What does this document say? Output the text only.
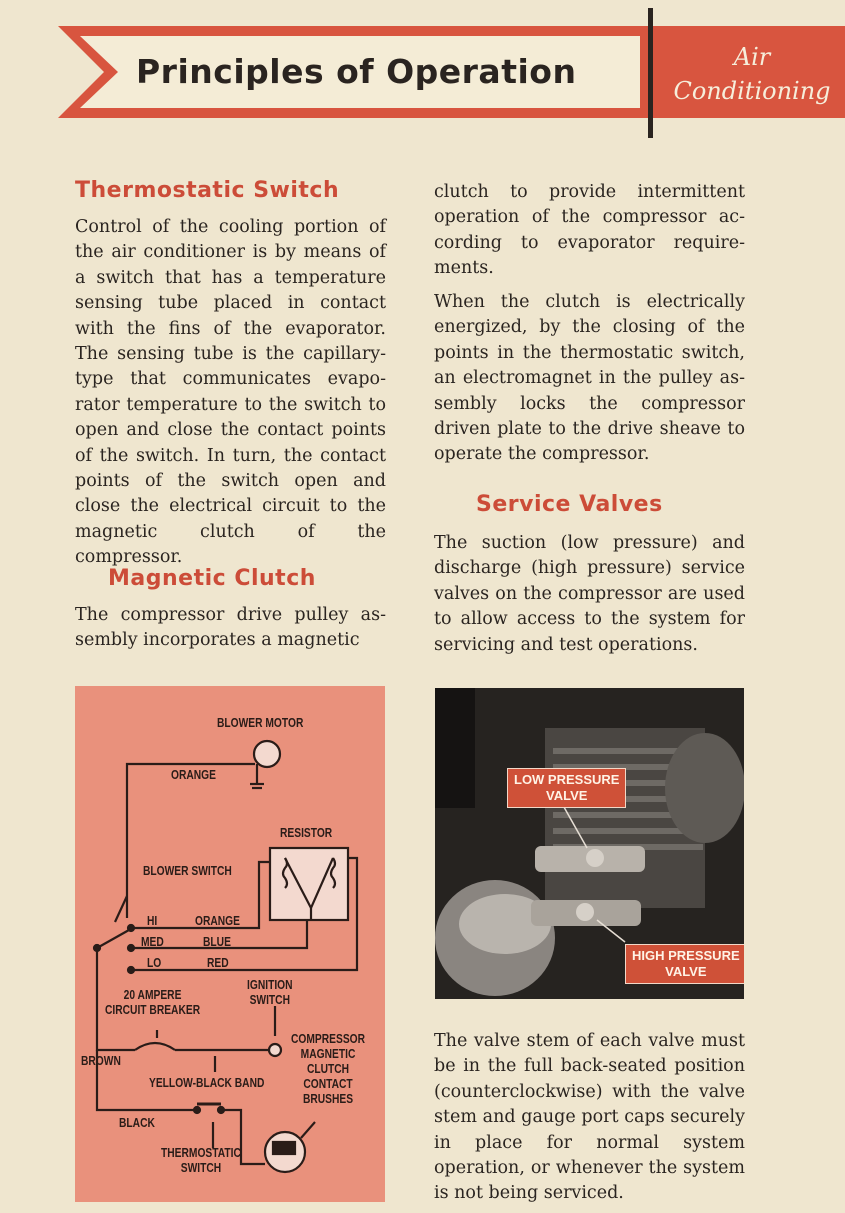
Principles of Operation	Air
Conditioning
Thermostatic Switch

Control of the cooling portion of the air conditioner is by means of a switch that has a temperature sensing tube placed in contact with the fins of the evaporator. The sensing tube is the capillary-type that communicates evapo-rator temperature to the switch to open and close the contact points of the switch. In turn, the contact points of the switch open and close the electrical circuit to the magnetic clutch of the compressor.

Magnetic Clutch

The compressor drive pulley as-sembly incorporates a magnetic

clutch to provide intermittent operation of the compressor ac-cording to evaporator require-ments.

When the clutch is electrically energized, by the closing of the points in the thermostatic switch, an electromagnet in the pulley as-sembly locks the compressor driven plate to the drive sheave to operate the compressor.

Service Valves

The suction (low pressure) and discharge (high pressure) service valves on the compressor are used to allow access to the system for servicing and test operations.

BLOWER MOTOR
ORANGE
RESISTOR
BLOWER SWITCH
HI
MED
LO
ORANGE
BLUE
RED
IGNITION
SWITCH
20 AMPERE
CIRCUIT BREAKER
COMPRESSOR
MAGNETIC
CLUTCH
CONTACT
BRUSHES
BROWN
YELLOW-BLACK BAND
BLACK
THERMOSTATIC
SWITCH
LOW PRESSURE
VALVE
HIGH PRESSURE
VALVE

The valve stem of each valve must be in the full back-seated position (counterclockwise) with the valve stem and gauge port caps securely in place for normal system operation, or whenever the system is not being serviced.
